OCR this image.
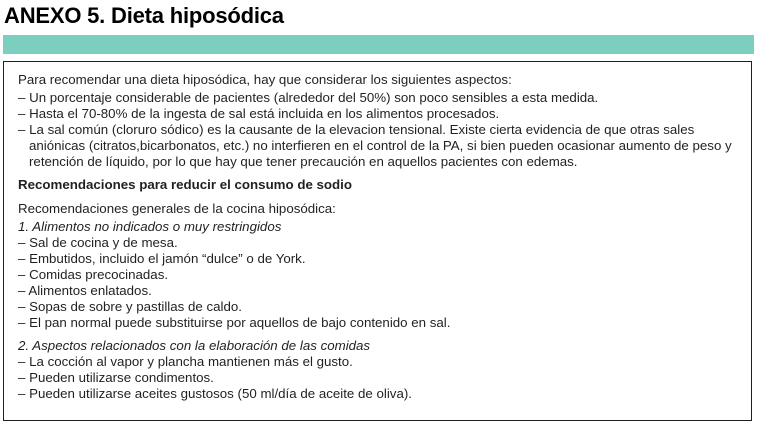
ANEXO 5. Dieta hiposódica

Para recomendar una dieta hiposódica, hay que considerar los siguientes aspectos:

– Un porcentaje considerable de pacientes (alrededor del 50%) son poco sensibles a esta medida.

– Hasta el 70-80% de la ingesta de sal está incluida en los alimentos procesados.

– La sal común (cloruro sódico) es la causante de la elevacion tensional. Existe cierta evidencia de que otras sales aniónicas (citratos,bicarbonatos, etc.) no interfieren en el control de la PA, si bien pueden ocasionar aumento de peso y retención de líquido, por lo que hay que tener precaución en aquellos pacientes con edemas.

Recomendaciones para reducir el consumo de sodio

Recomendaciones generales de la cocina hiposódica:

1. Alimentos no indicados o muy restringidos

– Sal de cocina y de mesa.

– Embutidos, incluido el jamón “dulce” o de York.

– Comidas precocinadas.

– Alimentos enlatados.

– Sopas de sobre y pastillas de caldo.

– El pan normal puede substituirse por aquellos de bajo contenido en sal.

2. Aspectos relacionados con la elaboración de las comidas

– La cocción al vapor y plancha mantienen más el gusto.

– Pueden utilizarse condimentos.

– Pueden utilizarse aceites gustosos (50 ml/día de aceite de oliva).
